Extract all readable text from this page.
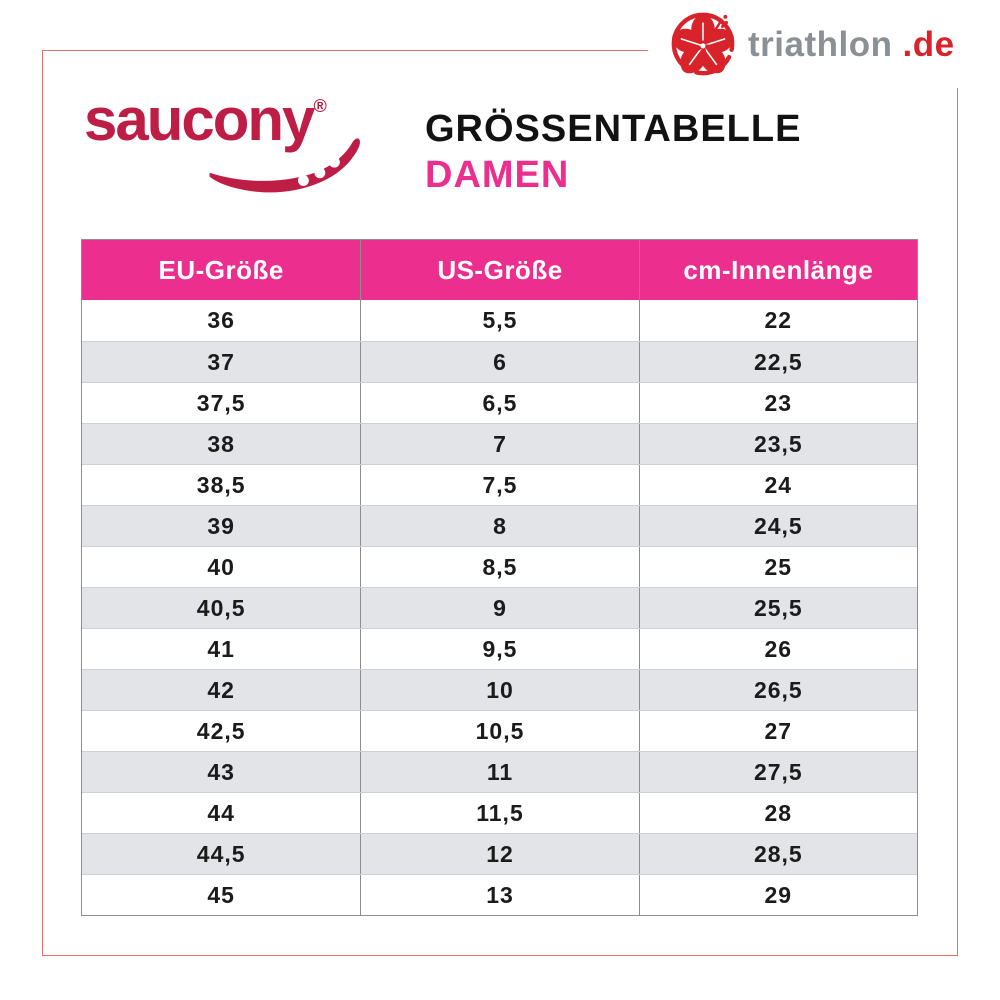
triathlon .de
saucony®
GRÖSSENTABELLE
DAMEN
EU-Größe	US-Größe	cm-Innenlänge
36	5,5	22
37	6	22,5
37,5	6,5	23
38	7	23,5
38,5	7,5	24
39	8	24,5
40	8,5	25
40,5	9	25,5
41	9,5	26
42	10	26,5
42,5	10,5	27
43	11	27,5
44	11,5	28
44,5	12	28,5
45	13	29
